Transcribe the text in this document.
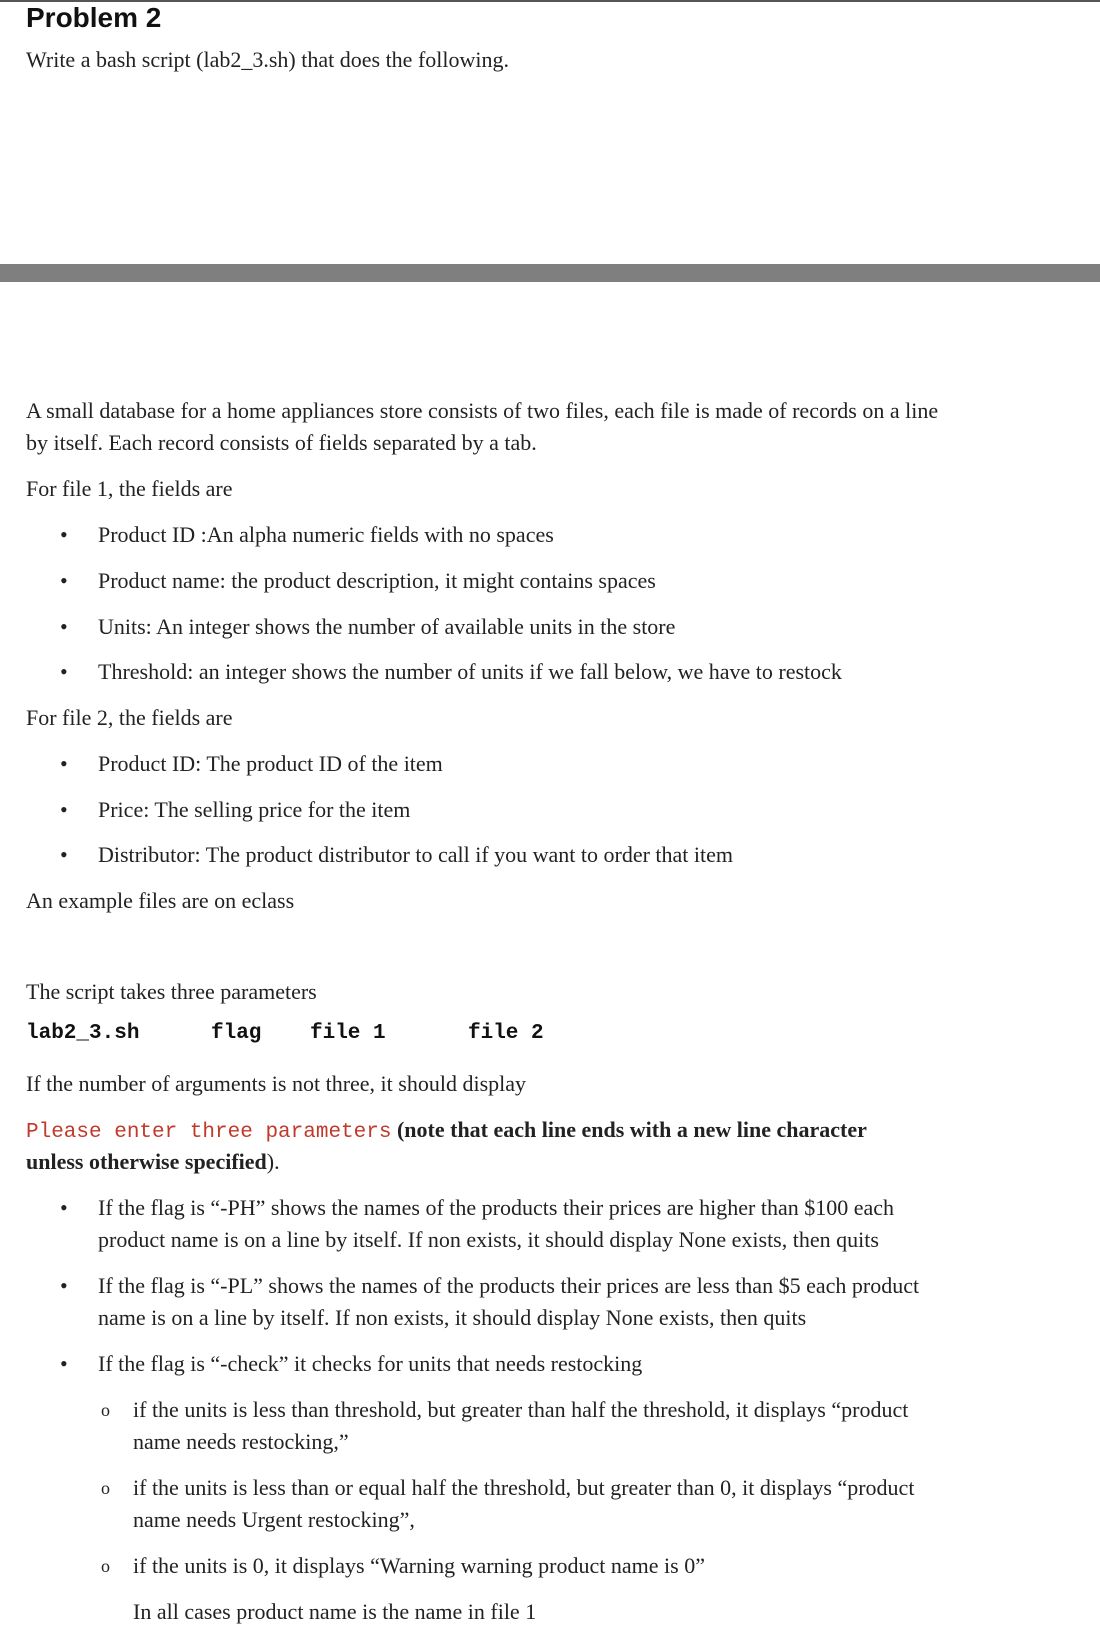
Problem 2

Write a bash script (lab2_3.sh) that does the following.

A small database for a home appliances store consists of two files, each file is made of records on a line

by itself. Each record consists of fields separated by a tab.

For file 1, the fields are

• Product ID :An alpha numeric fields with no spaces
• Product name: the product description, it might contains spaces
• Units: An integer shows the number of available units in the store
• Threshold: an integer shows the number of units if we fall below, we have to restock

For file 2, the fields are

• Product ID: The product ID of the item
• Price: The selling price for the item
• Distributor: The product distributor to call if you want to order that item

An example files are on eclass

The script takes three parameters

lab2_3.sh	flag file 1	file 2

If the number of arguments is not three, it should display

Please enter three parameters (note that each line ends with a new line character

unless otherwise specified).

• If the flag is “-PH” shows the names of the products their prices are higher than $100 each
product name is on a line by itself. If non exists, it should display None exists, then quits
• If the flag is “-PL” shows the names of the products their prices are less than $5 each product
name is on a line by itself. If non exists, it should display None exists, then quits
• If the flag is “-check” it checks for units that needs restocking
o if the units is less than threshold, but greater than half the threshold, it displays “product
name needs restocking,”
o if the units is less than or equal half the threshold, but greater than 0, it displays “product
name needs Urgent restocking”,
o if the units is 0, it displays “Warning warning product name is 0”
In all cases product name is the name in file 1
